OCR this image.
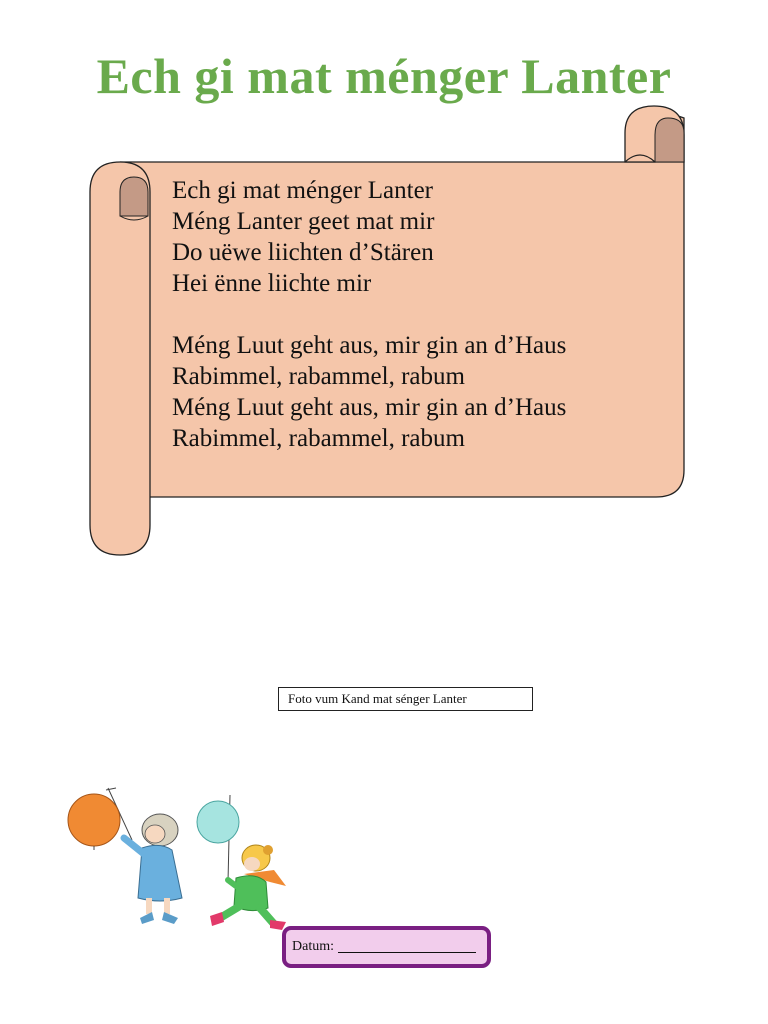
Ech gi mat ménger Lanter
Ech gi mat ménger Lanter
Méng Lanter geet mat mir
Do uëwe liichten d’Stären
Hei ënne liichte mir
Méng Luut geht aus, mir gin an d’Haus
Rabimmel, rabammel, rabum
Méng Luut geht aus, mir gin an d’Haus
Rabimmel, rabammel, rabum
Foto vum Kand mat sénger Lanter
Datum:
